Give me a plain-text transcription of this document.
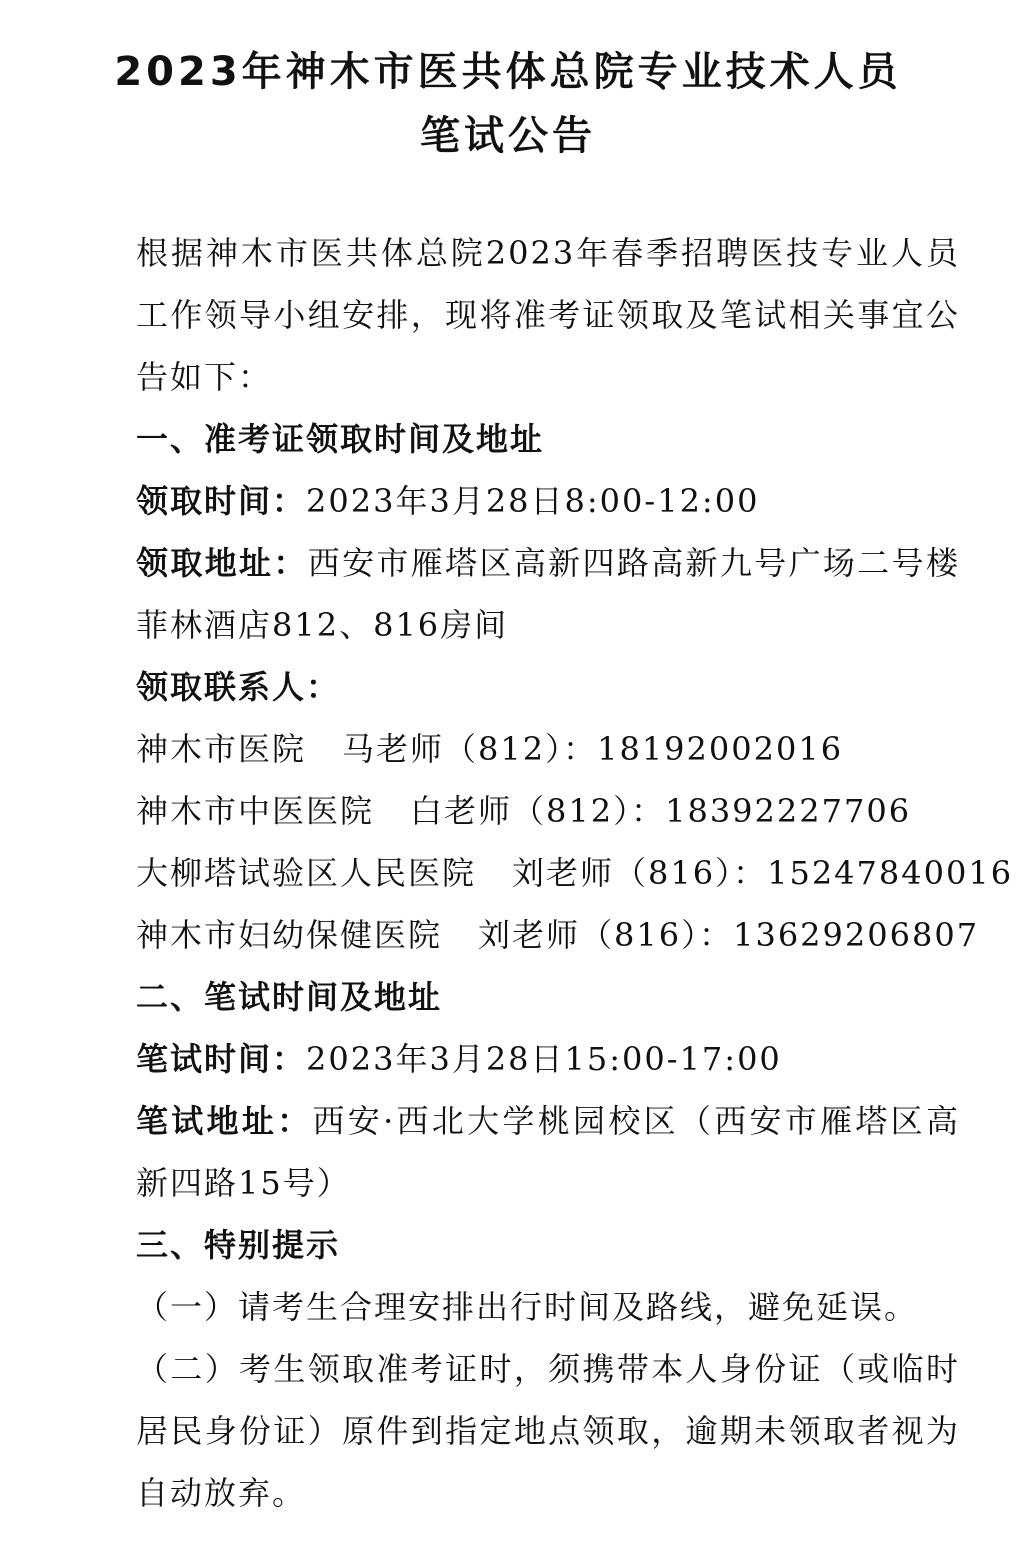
2023年神木市医共体总院专业技术人员
笔试公告

根据神木市医共体总院2023年春季招聘医技专业人员工作领导小组安排，现将准考证领取及笔试相关事宜公告如下：

一、准考证领取时间及地址

领取时间：2023年3月28日8:00-12:00

领取地址：西安市雁塔区高新四路高新九号广场二号楼菲林酒店812、816房间

领取联系人：

神木市医院 马老师（812）：18192002016

神木市中医医院 白老师（812）：18392227706

大柳塔试验区人民医院 刘老师（816）：15247840016

神木市妇幼保健医院 刘老师（816）：13629206807

二、笔试时间及地址

笔试时间：2023年3月28日15:00-17:00

笔试地址：西安·西北大学桃园校区（西安市雁塔区高新四路15号）

三、特别提示

（一）请考生合理安排出行时间及路线，避免延误。

（二）考生领取准考证时，须携带本人身份证（或临时居民身份证）原件到指定地点领取，逾期未领取者视为自动放弃。
